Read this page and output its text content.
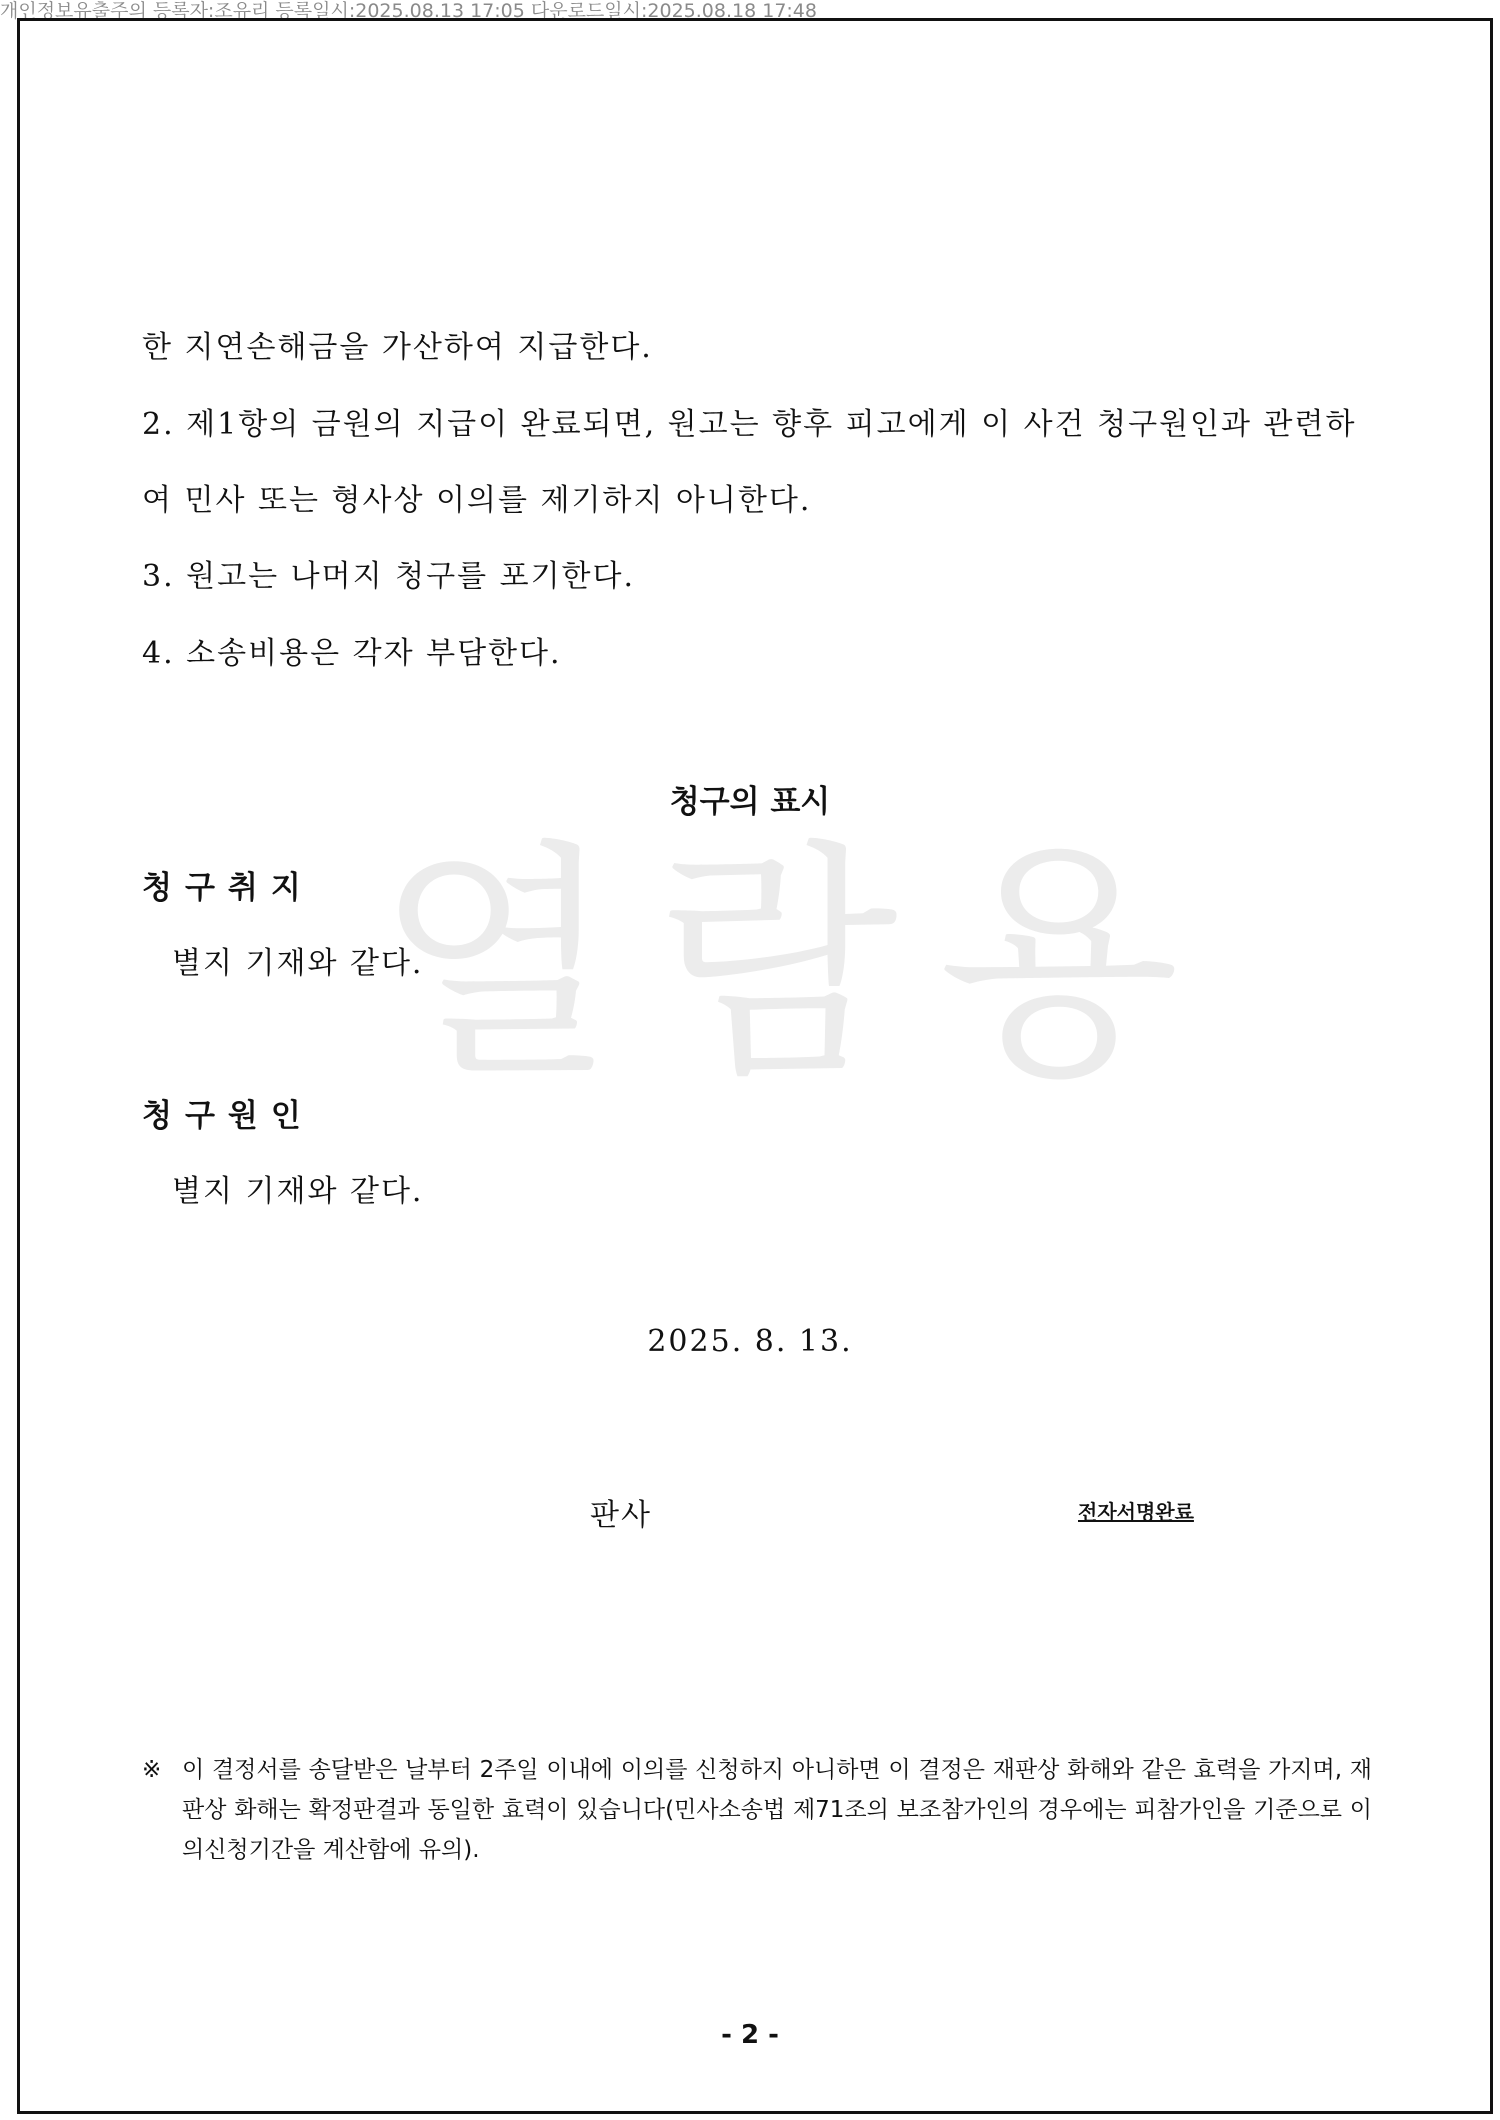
개인정보유출주의 등록자:조유리 등록일시:2025.08.13 17:05 다운로드일시:2025.08.18 17:48
열람용
한 지연손해금을 가산하여 지급한다.
2. 제1항의 금원의 지급이 완료되면, 원고는 향후 피고에게 이 사건 청구원인과 관련하
여 민사 또는 형사상 이의를 제기하지 아니한다.
3. 원고는 나머지 청구를 포기한다.
4. 소송비용은 각자 부담한다.
청구의 표시
청구취지
별지 기재와 같다.
청구원인
별지 기재와 같다.
2025. 8. 13.
판사	전자서명완료
※ 이 결정서를 송달받은 날부터 2주일 이내에 이의를 신청하지 아니하면 이 결정은 재판상 화해와 같은 효력을 가지며, 재판상 화해는 확정판결과 동일한 효력이 있습니다(민사소송법 제71조의 보조참가인의 경우에는 피참가인을 기준으로 이의신청기간을 계산함에 유의).
- 2 -
